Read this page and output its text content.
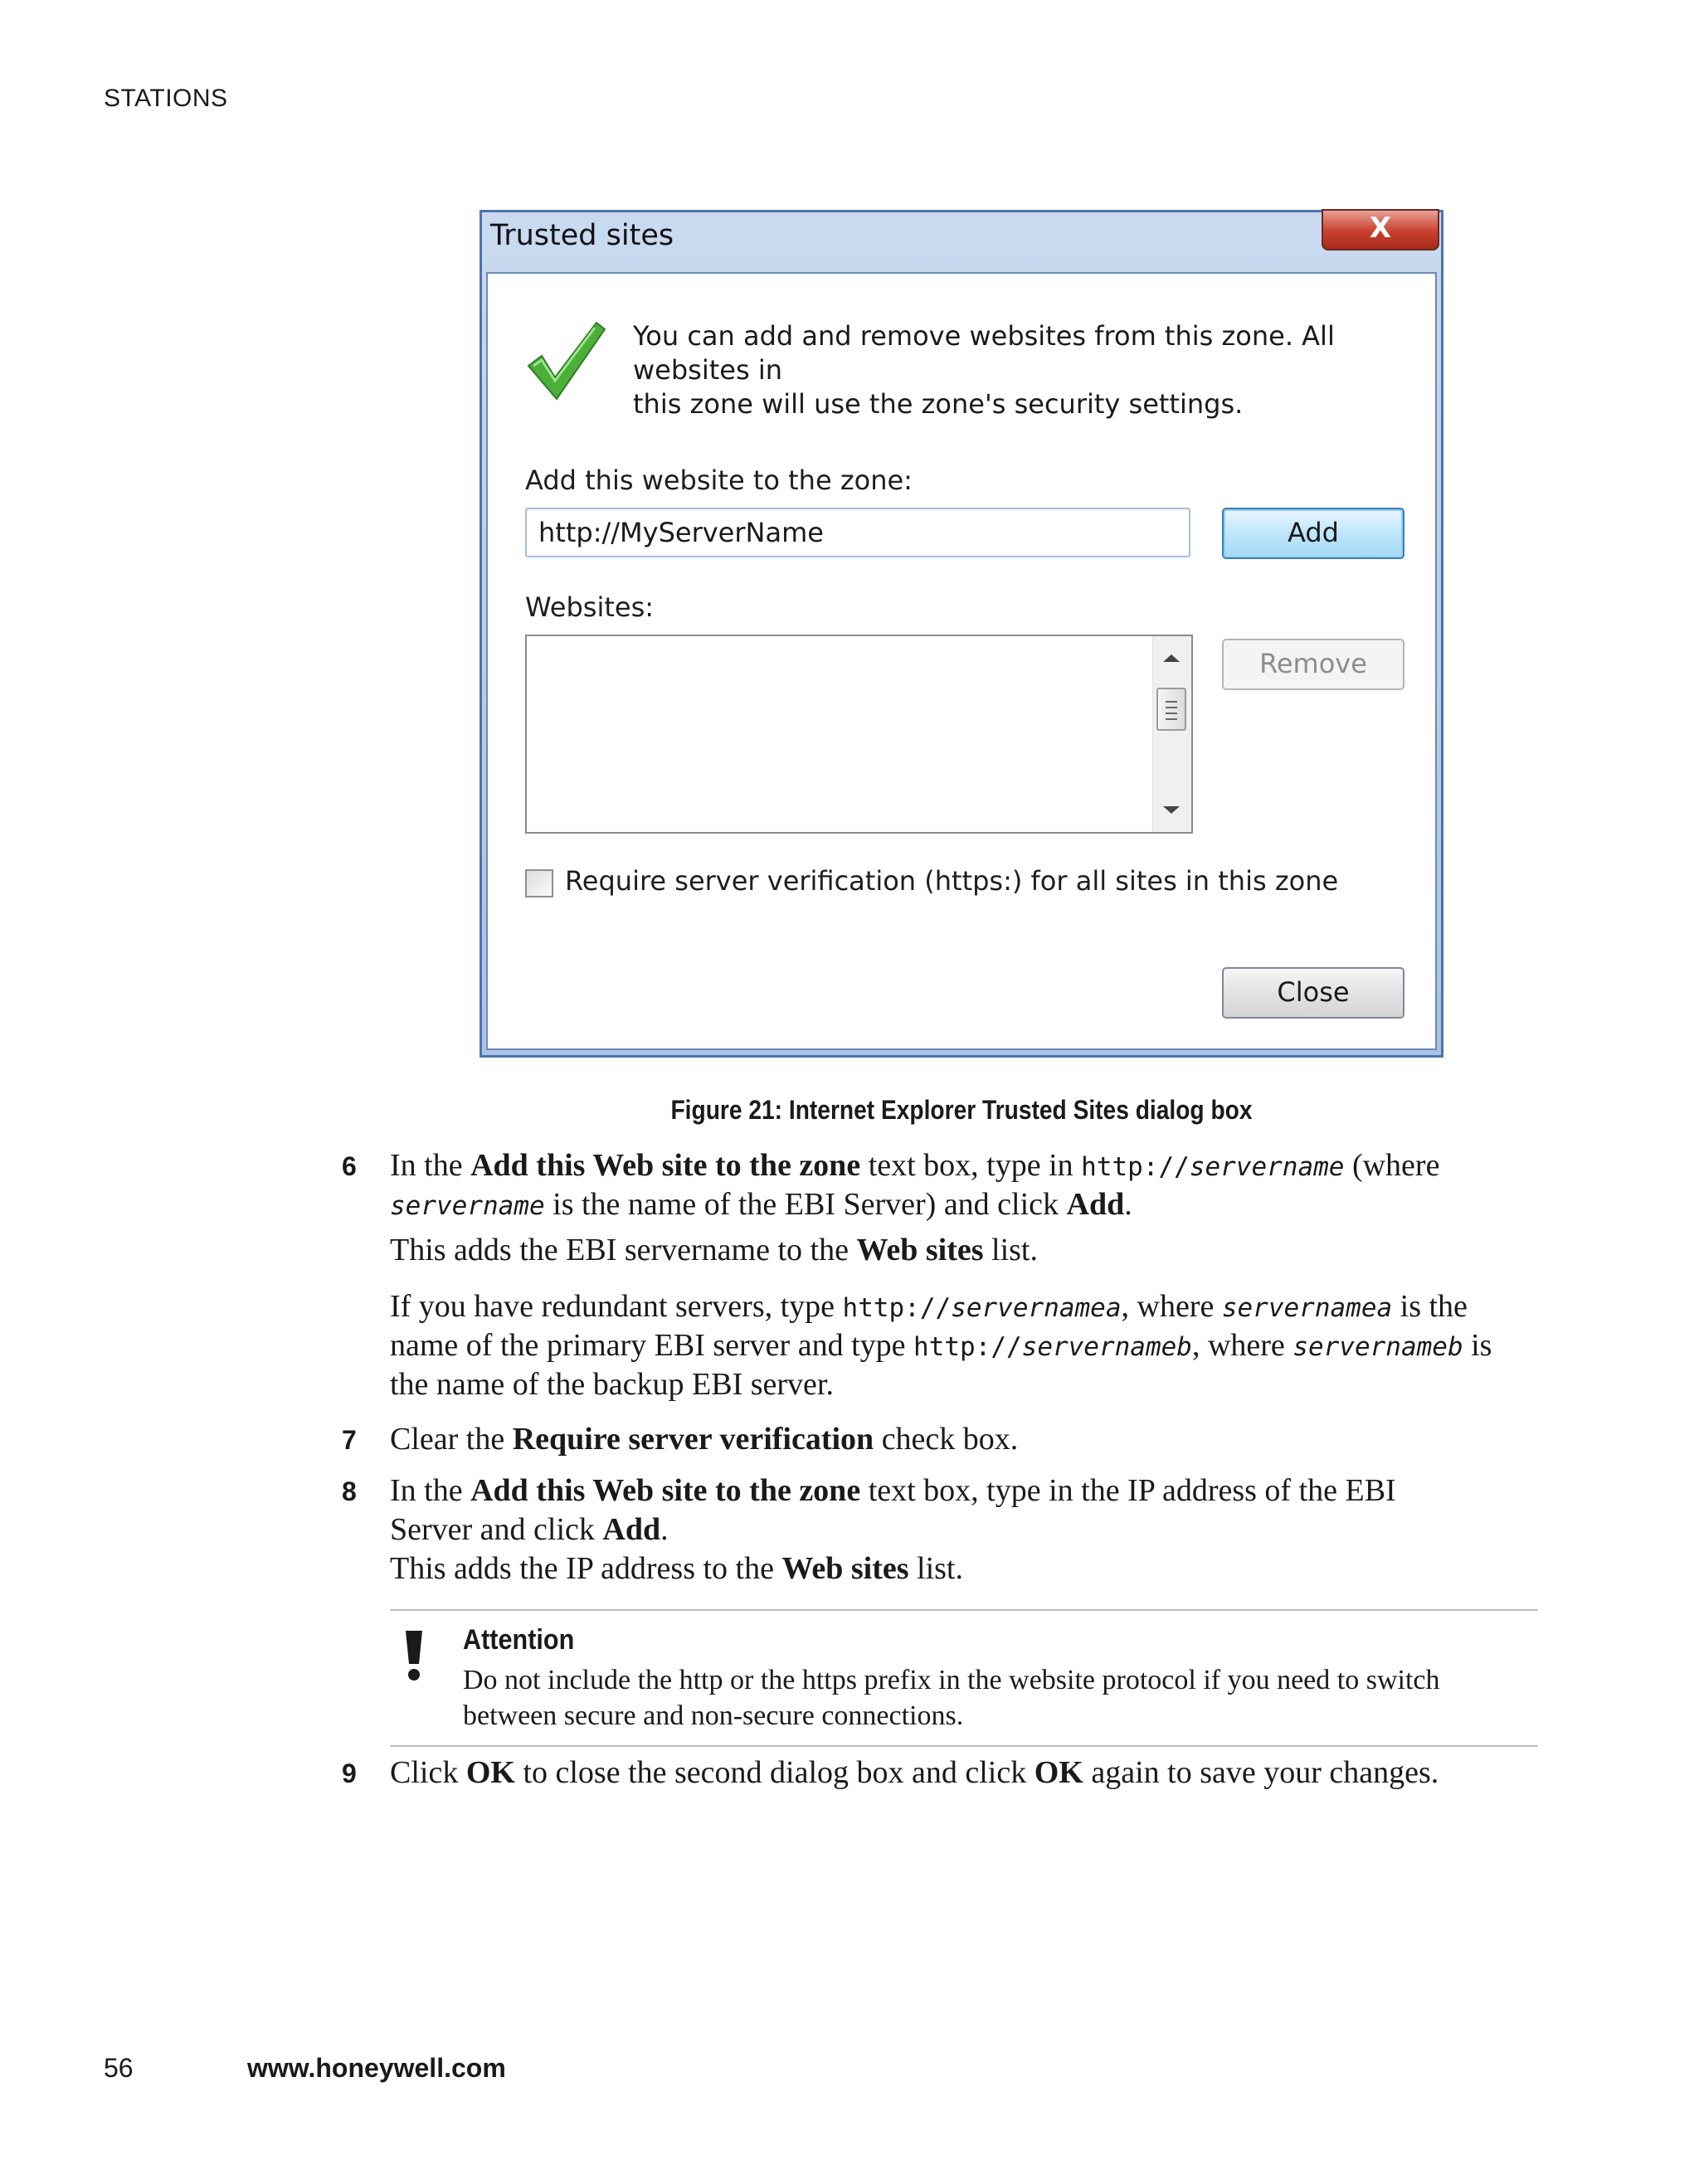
STATIONS
Trusted sites	X
You can add and remove websites from this zone. All websites in
this zone will use the zone's security settings.
Add this website to the zone:
http://MyServerName
Add
Websites:
Remove
Require server verification (https:) for all sites in this zone
Close
Figure 21: Internet Explorer Trusted Sites dialog box
6 In the Add this Web site to the zone text box, type in http://servername (where
servername is the name of the EBI Server) and click Add.
This adds the EBI servername to the Web sites list.
If you have redundant servers, type http://servernamea, where servernamea is the
name of the primary EBI server and type http://servernameb, where servernameb is
the name of the backup EBI server.
7 Clear the Require server verification check box.
8 In the Add this Web site to the zone text box, type in the IP address of the EBI
Server and click Add.
This adds the IP address to the Web sites list.
Attention
Do not include the http or the https prefix in the website protocol if you need to switch
between secure and non-secure connections.
9 Click OK to close the second dialog box and click OK again to save your changes.
56	www.honeywell.com
